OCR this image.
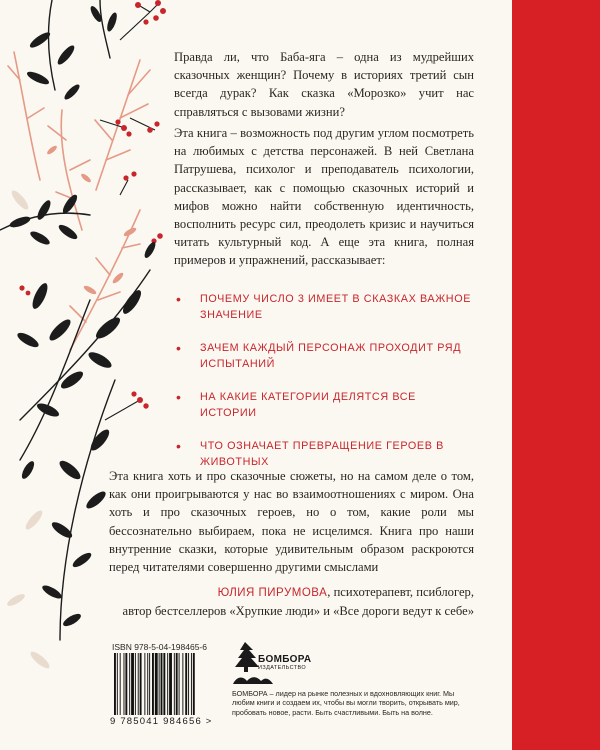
Правда ли, что Баба-яга – одна из мудрейших сказочных женщин? Почему в историях третий сын всегда дурак? Как сказка «Морозко» учит нас справляться с вызовами жизни?
Эта книга – возможность под другим углом посмотреть на любимых с детства персонажей. В ней Светлана Патрушева, психолог и преподаватель психологии, рассказывает, как с помощью сказочных историй и мифов можно найти собственную идентичность, восполнить ресурс сил, преодолеть кризис и научиться читать культурный код. А еще эта книга, полная примеров и упражнений, рассказывает:
• ПОЧЕМУ ЧИСЛО 3 ИМЕЕТ В СКАЗКАХ ВАЖНОЕ ЗНАЧЕНИЕ
• ЗАЧЕМ КАЖДЫЙ ПЕРСОНАЖ ПРОХОДИТ РЯД ИСПЫТАНИЙ
• НА КАКИЕ КАТЕГОРИИ ДЕЛЯТСЯ ВСЕ ИСТОРИИ
• ЧТО ОЗНАЧАЕТ ПРЕВРАЩЕНИЕ ГЕРОЕВ В ЖИВОТНЫХ
Эта книга хоть и про сказочные сюжеты, но на самом деле о том, как они проигрываются у нас во взаимоотношениях с миром. Она хоть и про сказочных героев, но о том, какие роли мы бессознательно выбираем, пока не исцелимся. Книга про наши внутренние сказки, которые удивительным образом раскроются перед читателями совершенно другими смыслами
ЮЛИЯ ПИРУМОВА, психотерапевт, псиблогер,
автор бестселлеров «Хрупкие люди» и «Все дороги ведут к себе»
ISBN 978-5-04-198465-6
9 785041 984656 >
БОМБОРА
ИЗДАТЕЛЬСТВО
БОМБОРА – лидер на рынке полезных и вдохновляющих книг. Мы любим книги и создаем их, чтобы вы могли творить, открывать мир, пробовать новое, расти. Быть счастливыми. Быть на волне.
